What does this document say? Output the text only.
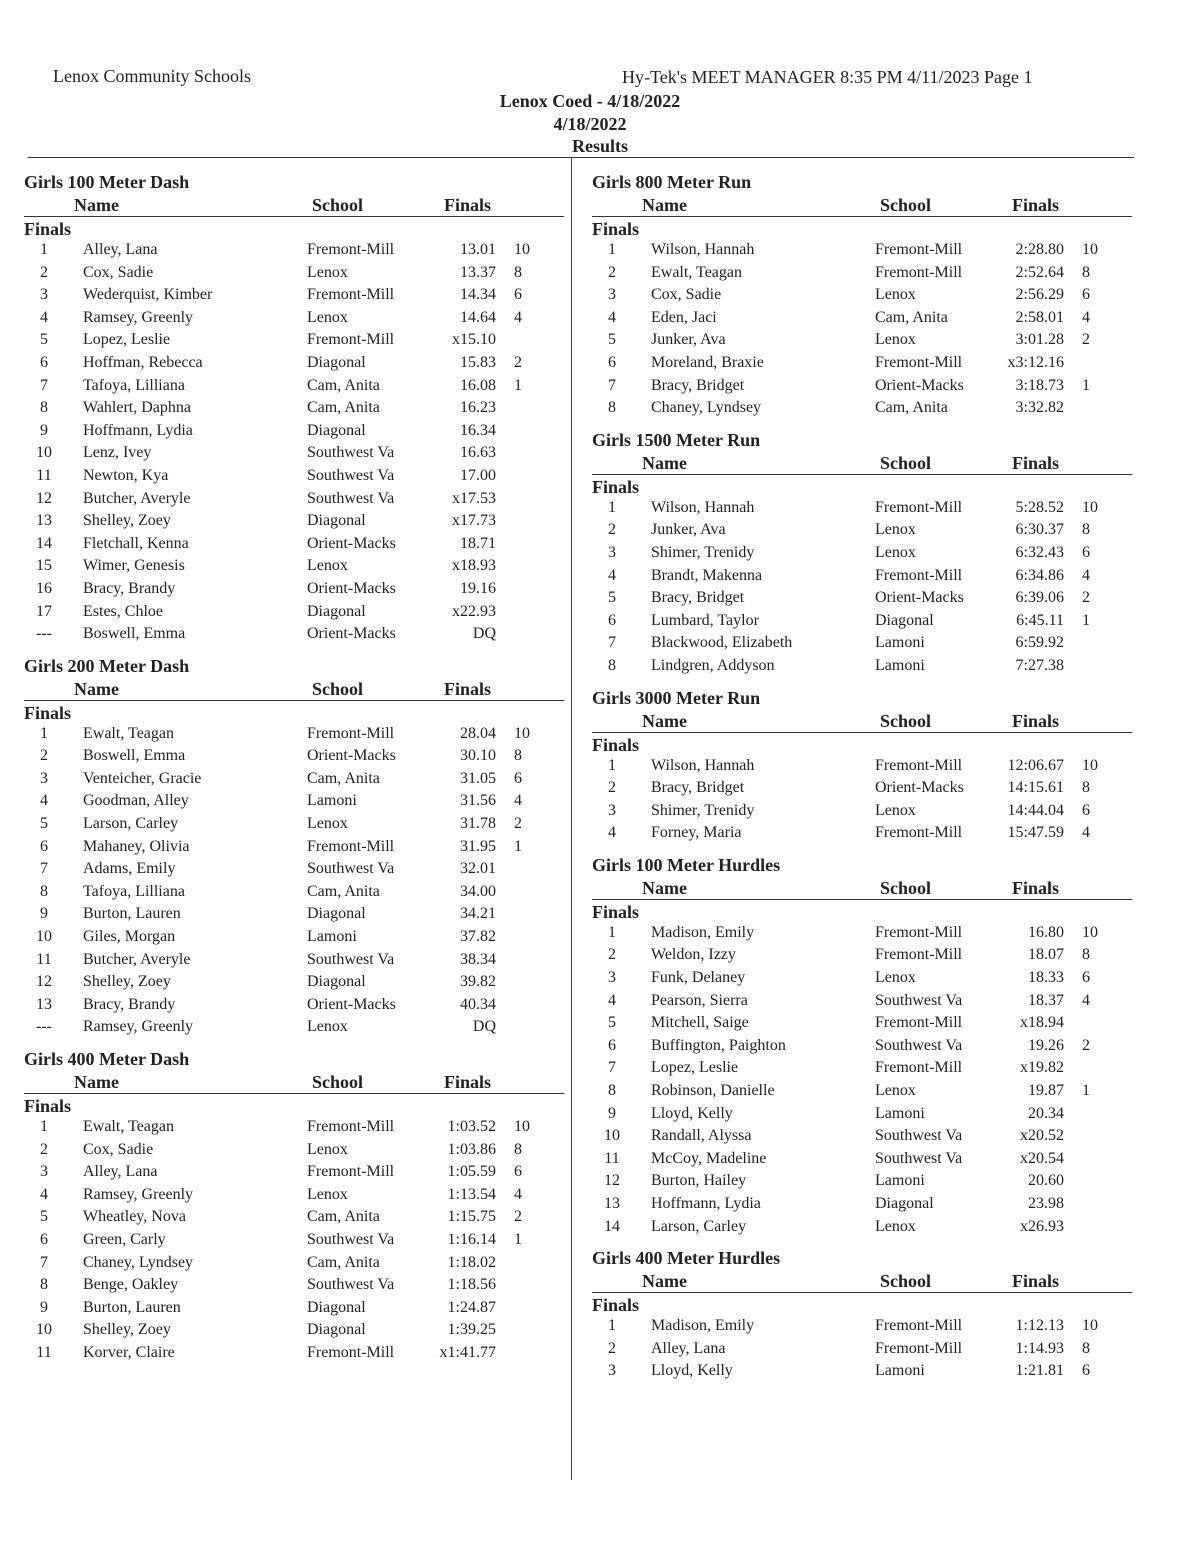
Lenox Community Schools	Hy-Tek's MEET MANAGER 8:35 PM 4/11/2023 Page 1
Lenox Coed - 4/18/2022
4/18/2022
Results
Girls 100 Meter Dash
Name	School	Finals
Finals
1	Alley, Lana	Fremont-Mill	13.01 10
2	Cox, Sadie	Lenox	13.37 8
3	Wederquist, Kimber	Fremont-Mill	14.34 6
4	Ramsey, Greenly	Lenox	14.64 4
5	Lopez, Leslie	Fremont-Mill	x15.10
6	Hoffman, Rebecca	Diagonal	15.83 2
7	Tafoya, Lilliana	Cam, Anita	16.08 1
8	Wahlert, Daphna	Cam, Anita	16.23
9	Hoffmann, Lydia	Diagonal	16.34
10	Lenz, Ivey	Southwest Va	16.63
11	Newton, Kya	Southwest Va	17.00
12	Butcher, Averyle	Southwest Va	x17.53
13	Shelley, Zoey	Diagonal	x17.73
14	Fletchall, Kenna	Orient-Macks	18.71
15	Wimer, Genesis	Lenox	x18.93
16	Bracy, Brandy	Orient-Macks	19.16
17	Estes, Chloe	Diagonal	x22.93
---	Boswell, Emma	Orient-Macks	DQ
Girls 200 Meter Dash
Name	School	Finals
Finals
1	Ewalt, Teagan	Fremont-Mill	28.04 10
2	Boswell, Emma	Orient-Macks	30.10 8
3	Venteicher, Gracie	Cam, Anita	31.05 6
4	Goodman, Alley	Lamoni	31.56 4
5	Larson, Carley	Lenox	31.78 2
6	Mahaney, Olivia	Fremont-Mill	31.95 1
7	Adams, Emily	Southwest Va	32.01
8	Tafoya, Lilliana	Cam, Anita	34.00
9	Burton, Lauren	Diagonal	34.21
10	Giles, Morgan	Lamoni	37.82
11	Butcher, Averyle	Southwest Va	38.34
12	Shelley, Zoey	Diagonal	39.82
13	Bracy, Brandy	Orient-Macks	40.34
---	Ramsey, Greenly	Lenox	DQ
Girls 400 Meter Dash
Name	School	Finals
Finals
1	Ewalt, Teagan	Fremont-Mill	1:03.52 10
2	Cox, Sadie	Lenox	1:03.86 8
3	Alley, Lana	Fremont-Mill	1:05.59 6
4	Ramsey, Greenly	Lenox	1:13.54 4
5	Wheatley, Nova	Cam, Anita	1:15.75 2
6	Green, Carly	Southwest Va	1:16.14 1
7	Chaney, Lyndsey	Cam, Anita	1:18.02
8	Benge, Oakley	Southwest Va	1:18.56
9	Burton, Lauren	Diagonal	1:24.87
10	Shelley, Zoey	Diagonal	1:39.25
11	Korver, Claire	Fremont-Mill	x1:41.77
Girls 800 Meter Run
Name	School	Finals
Finals
1	Wilson, Hannah	Fremont-Mill	2:28.80 10
2	Ewalt, Teagan	Fremont-Mill	2:52.64 8
3	Cox, Sadie	Lenox	2:56.29 6
4	Eden, Jaci	Cam, Anita	2:58.01 4
5	Junker, Ava	Lenox	3:01.28 2
6	Moreland, Braxie	Fremont-Mill	x3:12.16
7	Bracy, Bridget	Orient-Macks	3:18.73 1
8	Chaney, Lyndsey	Cam, Anita	3:32.82
Girls 1500 Meter Run
Name	School	Finals
Finals
1	Wilson, Hannah	Fremont-Mill	5:28.52 10
2	Junker, Ava	Lenox	6:30.37 8
3	Shimer, Trenidy	Lenox	6:32.43 6
4	Brandt, Makenna	Fremont-Mill	6:34.86 4
5	Bracy, Bridget	Orient-Macks	6:39.06 2
6	Lumbard, Taylor	Diagonal	6:45.11 1
7	Blackwood, Elizabeth	Lamoni	6:59.92
8	Lindgren, Addyson	Lamoni	7:27.38
Girls 3000 Meter Run
Name	School	Finals
Finals
1	Wilson, Hannah	Fremont-Mill	12:06.67 10
2	Bracy, Bridget	Orient-Macks	14:15.61 8
3	Shimer, Trenidy	Lenox	14:44.04 6
4	Forney, Maria	Fremont-Mill	15:47.59 4
Girls 100 Meter Hurdles
Name	School	Finals
Finals
1	Madison, Emily	Fremont-Mill	16.80 10
2	Weldon, Izzy	Fremont-Mill	18.07 8
3	Funk, Delaney	Lenox	18.33 6
4	Pearson, Sierra	Southwest Va	18.37 4
5	Mitchell, Saige	Fremont-Mill	x18.94
6	Buffington, Paighton	Southwest Va	19.26 2
7	Lopez, Leslie	Fremont-Mill	x19.82
8	Robinson, Danielle	Lenox	19.87 1
9	Lloyd, Kelly	Lamoni	20.34
10	Randall, Alyssa	Southwest Va	x20.52
11	McCoy, Madeline	Southwest Va	x20.54
12	Burton, Hailey	Lamoni	20.60
13	Hoffmann, Lydia	Diagonal	23.98
14	Larson, Carley	Lenox	x26.93
Girls 400 Meter Hurdles
Name	School	Finals
Finals
1	Madison, Emily	Fremont-Mill	1:12.13 10
2	Alley, Lana	Fremont-Mill	1:14.93 8
3	Lloyd, Kelly	Lamoni	1:21.81 6
